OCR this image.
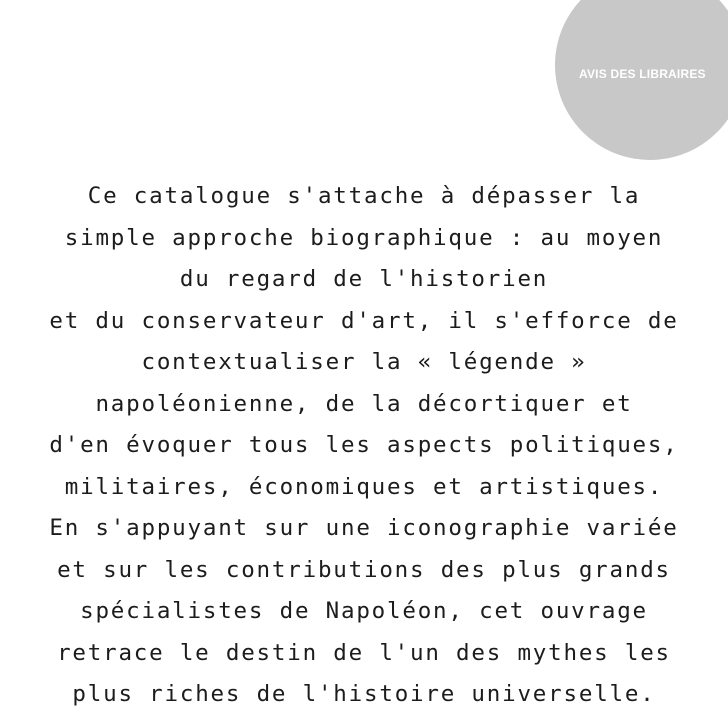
AVIS DES LIBRAIRES

Ce catalogue s'attache à dépasser la
simple approche biographique : au moyen
du regard de l'historien
et du conservateur d'art, il s'efforce de
contextualiser la « légende »
napoléonienne, de la décortiquer et
d'en évoquer tous les aspects politiques,
militaires, économiques et artistiques.
En s'appuyant sur une iconographie variée
et sur les contributions des plus grands
spécialistes de Napoléon, cet ouvrage
retrace le destin de l'un des mythes les
plus riches de l'histoire universelle.
